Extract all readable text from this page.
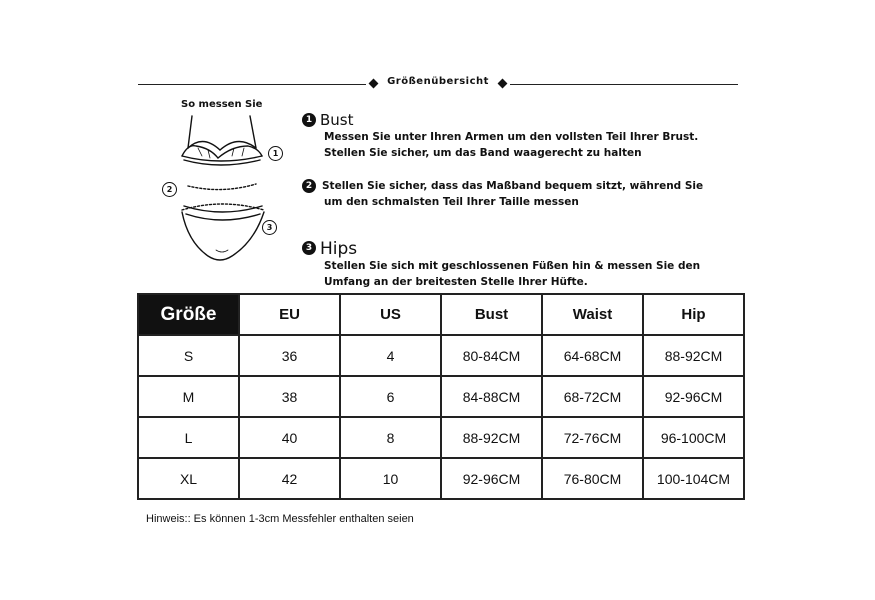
Größenübersicht
So messen Sie
1
2
3
1 Bust
Messen Sie unter Ihren Armen um den vollsten Teil Ihrer Brust.
Stellen Sie sicher, um das Band waagerecht zu halten
2 Stellen Sie sicher, dass das Maßband bequem sitzt, während Sie
um den schmalsten Teil Ihrer Taille messen
3 Hips
Stellen Sie sich mit geschlossenen Füßen hin & messen Sie den
Umfang an der breitesten Stelle Ihrer Hüfte.
Größe	EU	US	Bust	Waist	Hip
S	36	4	80-84CM	64-68CM	88-92CM
M	38	6	84-88CM	68-72CM	92-96CM
L	40	8	88-92CM	72-76CM	96-100CM
XL	42	10	92-96CM	76-80CM	100-104CM
Hinweis:: Es können 1-3cm Messfehler enthalten seien
